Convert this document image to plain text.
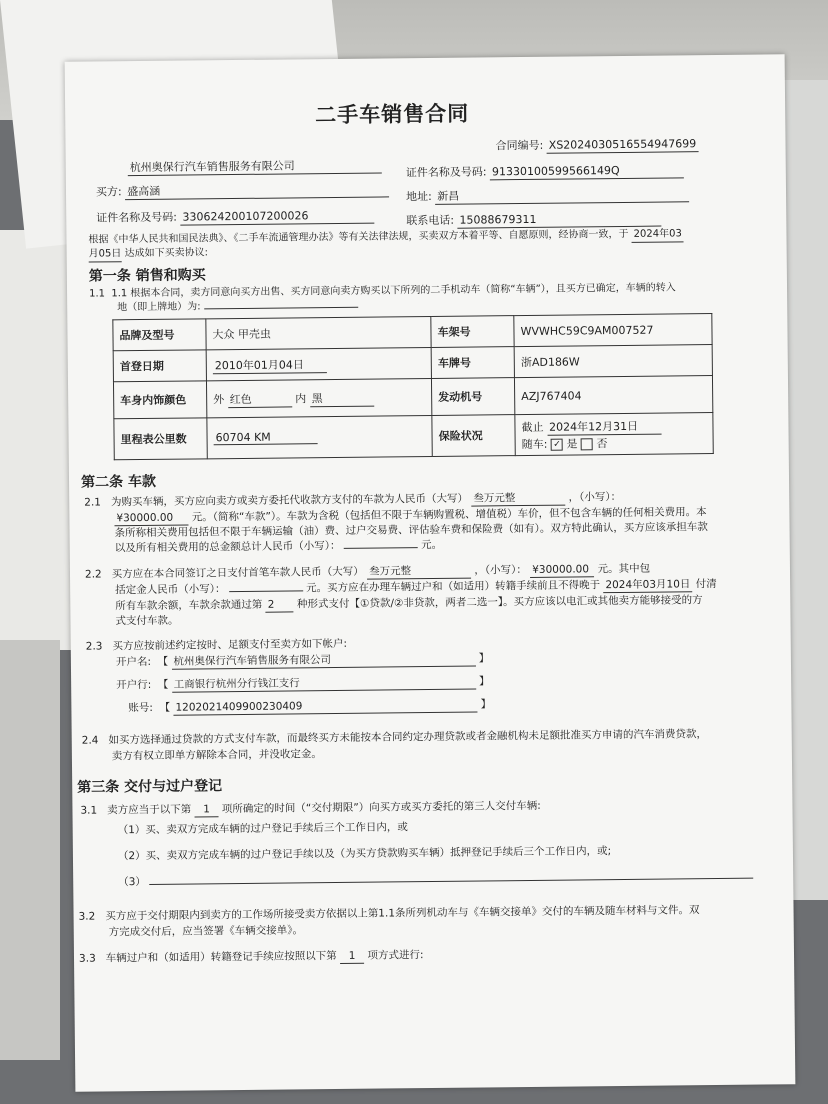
二手车销售合同
合同编号: XS20240305165549476​99
杭州奥保行汽车销售服务有限公司	证件名称及号码: 91330100599566149Q
买方: 盛高涵	地址: 新昌
证件名称及号码: 330624200107200026	联系电话: 15088679311
根据《中华人民共和国民法典》、《二手车流通管理办法》等有关法律法规，买卖双方本着平等、自愿原则，经协商一致，于 2024年03
月05日 达成如下买卖协议:
第一条 销售和购买
1.1 1.1 根据本合同，卖方同意向买方出售、买方同意向卖方购买以下所列的二手机动车（简称“车辆”），且买方已确定，车辆的转入
地（即上牌地）为:
品牌及型号	大众 甲壳虫	车架号	WVWHC59C9AM007527
首登日期	2010年01月04日	车牌号	浙AD186W
车身内饰颜色	外 红色 内 黑	发动机号	AZJ767404
里程表公里数	60704 KM	保险状况	截止 2024年12月31日
随车: ✓ 是 否
第二条 车款
2.1 为购买车辆，买方应向卖方或卖方委托代收款方支付的车款为人民币（大写） 叁万元整	，（小写）：
¥30000.00 元。（简称“车款”）。车款为含税（包括但不限于车辆购置税、增值税）车价，但不包含车辆的任何相关费用。本
条所称相关费用包括但不限于车辆运输（油）费、过户交易费、评估验车费和保险费（如有）。双方特此确认，买方应该承担车款
以及所有相关费用的总金额总计人民币（小写）：	元。
2.2 买方应在本合同签订之日支付首笔车款人民币（大写） 叁万元整	，（小写）： ¥30000.00 元。其中包
括定金人民币（小写）：	元。买方应在办理车辆过户和（如适用）转籍手续前且不得晚于 2024年03月10日 付清
所有车款余额，车款余款通过第 2 种形式支付【①贷款/②非贷款，两者二选一】。买方应该以电汇或其他卖方能够接受的方
式支付车款。
2.3 买方应按前述约定按时、足额支付至卖方如下帐户:
开户名:  【 杭州奥保行汽车销售服务有限公司	】
开户行:  【 工商银行杭州分行钱江支行	】
账号:  【 1202021409900230409	】
2.4 如买方选择通过贷款的方式支付车款，而最终买方未能按本合同约定办理贷款或者金融机构未足额批准买方申请的汽车消费贷款，
卖方有权立即单方解除本合同，并没收定金。
第三条 交付与过户登记
3.1 卖方应当于以下第 1 项所确定的时间（“交付期限”）向买方或买方委托的第三人交付车辆:
（1）买、卖双方完成车辆的过户登记手续后三个工作日内，或
（2）买、卖双方完成车辆的过户登记手续以及（为买方贷款购买车辆）抵押登记手续后三个工作日内，或;
（3）
3.2 买方应于交付期限内到卖方的工作场所接受卖方依据以上第1.1条所列机动车与《车辆交接单》交付的车辆及随车材料与文件。双
方完成交付后，应当签署《车辆交接单》。
3.3 车辆过户和（如适用）转籍登记手续应按照以下第 1 项方式进行:
